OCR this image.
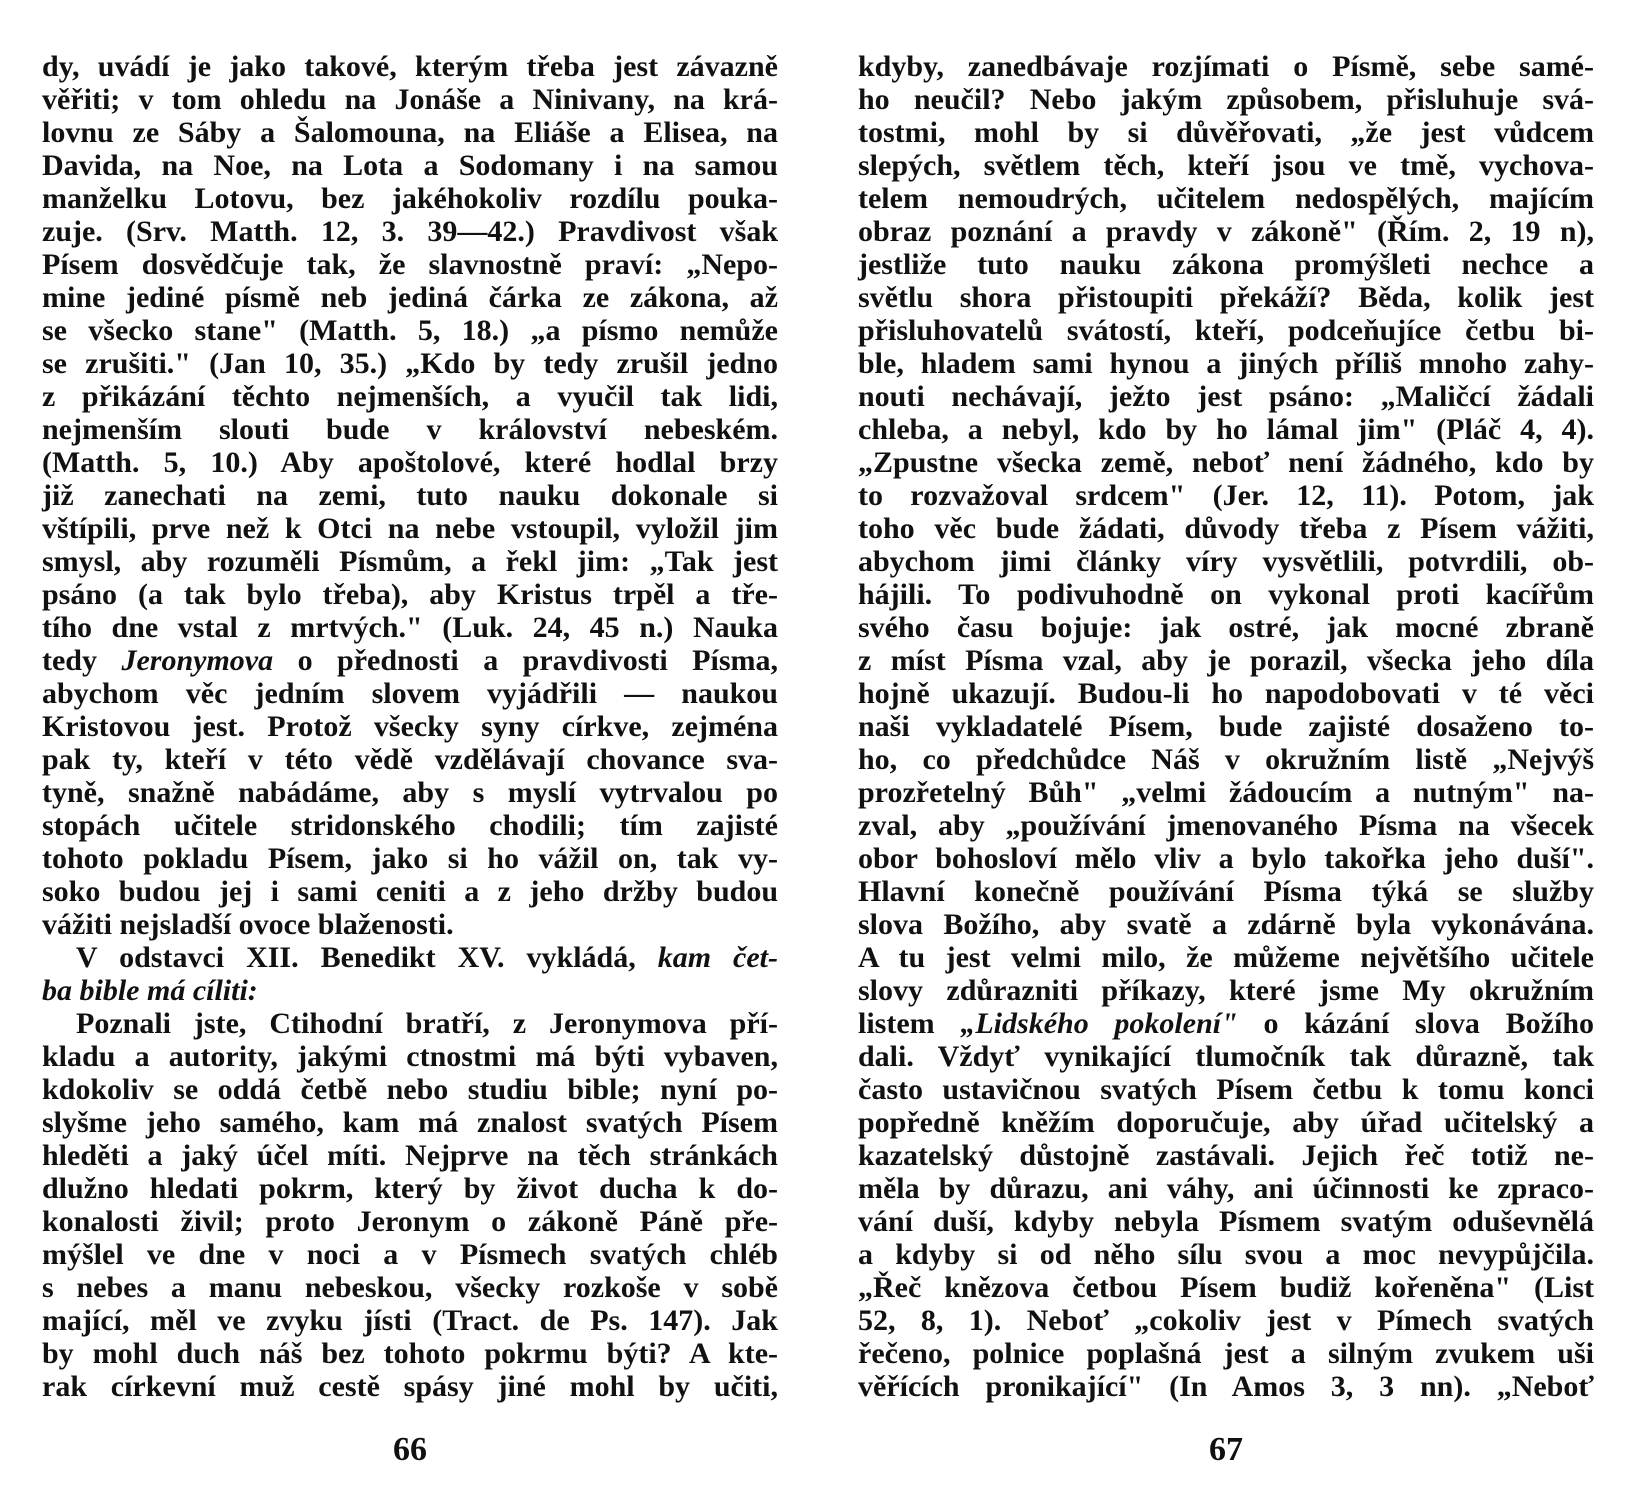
dy, uvádí je jako takové, kterým třeba jest závazně
věřiti; v tom ohledu na Jonáše a Ninivany, na krá-
lovnu ze Sáby a Šalomouna, na Eliáše a Elisea, na
Davida, na Noe, na Lota a Sodomany i na samou
manželku Lotovu, bez jakéhokoliv rozdílu pouka-
zuje. (Srv. Matth. 12, 3. 39—42.) Pravdivost však
Písem dosvědčuje tak, že slavnostně praví: „Nepo-
mine jediné písmě neb jediná čárka ze zákona, až
se všecko stane" (Matth. 5, 18.) „a písmo nemůže
se zrušiti." (Jan 10, 35.) „Kdo by tedy zrušil jedno
z přikázání těchto nejmenších, a vyučil tak lidi,
nejmenším slouti bude v království nebeském.
(Matth. 5, 10.) Aby apoštolové, které hodlal brzy
již zanechati na zemi, tuto nauku dokonale si
vštípili, prve než k Otci na nebe vstoupil, vyložil jim
smysl, aby rozuměli Písmům, a řekl jim: „Tak jest
psáno (a tak bylo třeba), aby Kristus trpěl a tře-
tího dne vstal z mrtvých." (Luk. 24, 45 n.) Nauka
tedy Jeronymova o přednosti a pravdivosti Písma,
abychom věc jedním slovem vyjádřili — naukou
Kristovou jest. Protož všecky syny církve, zejména
pak ty, kteří v této vědě vzdělávají chovance sva-
tyně, snažně nabádáme, aby s myslí vytrvalou po
stopách učitele stridonského chodili; tím zajisté
tohoto pokladu Písem, jako si ho vážil on, tak vy-
soko budou jej i sami ceniti a z jeho držby budou
vážiti nejsladší ovoce blaženosti.
V odstavci XII. Benedikt XV. vykládá, kam čet-
ba bible má cíliti:
Poznali jste, Ctihodní bratří, z Jeronymova pří-
kladu a autority, jakými ctnostmi má býti vybaven,
kdokoliv se oddá četbě nebo studiu bible; nyní po-
slyšme jeho samého, kam má znalost svatých Písem
hleděti a jaký účel míti. Nejprve na těch stránkách
dlužno hledati pokrm, který by život ducha k do-
konalosti živil; proto Jeronym o zákoně Páně pře-
mýšlel ve dne v noci a v Písmech svatých chléb
s nebes a manu nebeskou, všecky rozkoše v sobě
mající, měl ve zvyku jísti (Tract. de Ps. 147). Jak
by mohl duch náš bez tohoto pokrmu býti? A kte-
rak církevní muž cestě spásy jiné mohl by učiti,
66
kdyby, zanedbávaje rozjímati o Písmě, sebe samé-
ho neučil? Nebo jakým způsobem, přisluhuje svá-
tostmi, mohl by si důvěřovati, „že jest vůdcem
slepých, světlem těch, kteří jsou ve tmě, vychova-
telem nemoudrých, učitelem nedospělých, majícím
obraz poznání a pravdy v zákoně" (Řím. 2, 19 n),
jestliže tuto nauku zákona promýšleti nechce a
světlu shora přistoupiti překáží? Běda, kolik jest
přisluhovatelů svátostí, kteří, podceňujíce četbu bi-
ble, hladem sami hynou a jiných příliš mnoho zahy-
nouti nechávají, ježto jest psáno: „Maličcí žádali
chleba, a nebyl, kdo by ho lámal jim" (Pláč 4, 4).
„Zpustne všecka země, neboť není žádného, kdo by
to rozvažoval srdcem" (Jer. 12, 11). Potom, jak
toho věc bude žádati, důvody třeba z Písem vážiti,
abychom jimi články víry vysvětlili, potvrdili, ob-
hájili. To podivuhodně on vykonal proti kacířům
svého času bojuje: jak ostré, jak mocné zbraně
z míst Písma vzal, aby je porazil, všecka jeho díla
hojně ukazují. Budou-li ho napodobovati v té věci
naši vykladatelé Písem, bude zajisté dosaženo to-
ho, co předchůdce Náš v okružním listě „Nejvýš
prozřetelný Bůh" „velmi žádoucím a nutným" na-
zval, aby „používání jmenovaného Písma na všecek
obor bohosloví mělo vliv a bylo takořka jeho duší".
Hlavní konečně používání Písma týká se služby
slova Božího, aby svatě a zdárně byla vykonávána.
A tu jest velmi milo, že můžeme největšího učitele
slovy zdůrazniti příkazy, které jsme My okružním
listem „Lidského pokolení" o kázání slova Božího
dali. Vždyť vynikající tlumočník tak důrazně, tak
často ustavičnou svatých Písem četbu k tomu konci
popředně kněžím doporučuje, aby úřad učitelský a
kazatelský důstojně zastávali. Jejich řeč totiž ne-
měla by důrazu, ani váhy, ani účinnosti ke zpraco-
vání duší, kdyby nebyla Písmem svatým oduševnělá
a kdyby si od něho sílu svou a moc nevypůjčila.
„Řeč knězova četbou Písem budiž kořeněna" (List
52, 8, 1). Neboť „cokoliv jest v Pímech svatých
řečeno, polnice poplašná jest a silným zvukem uši
věřících pronikající" (In Amos 3, 3 nn). „Neboť
67
